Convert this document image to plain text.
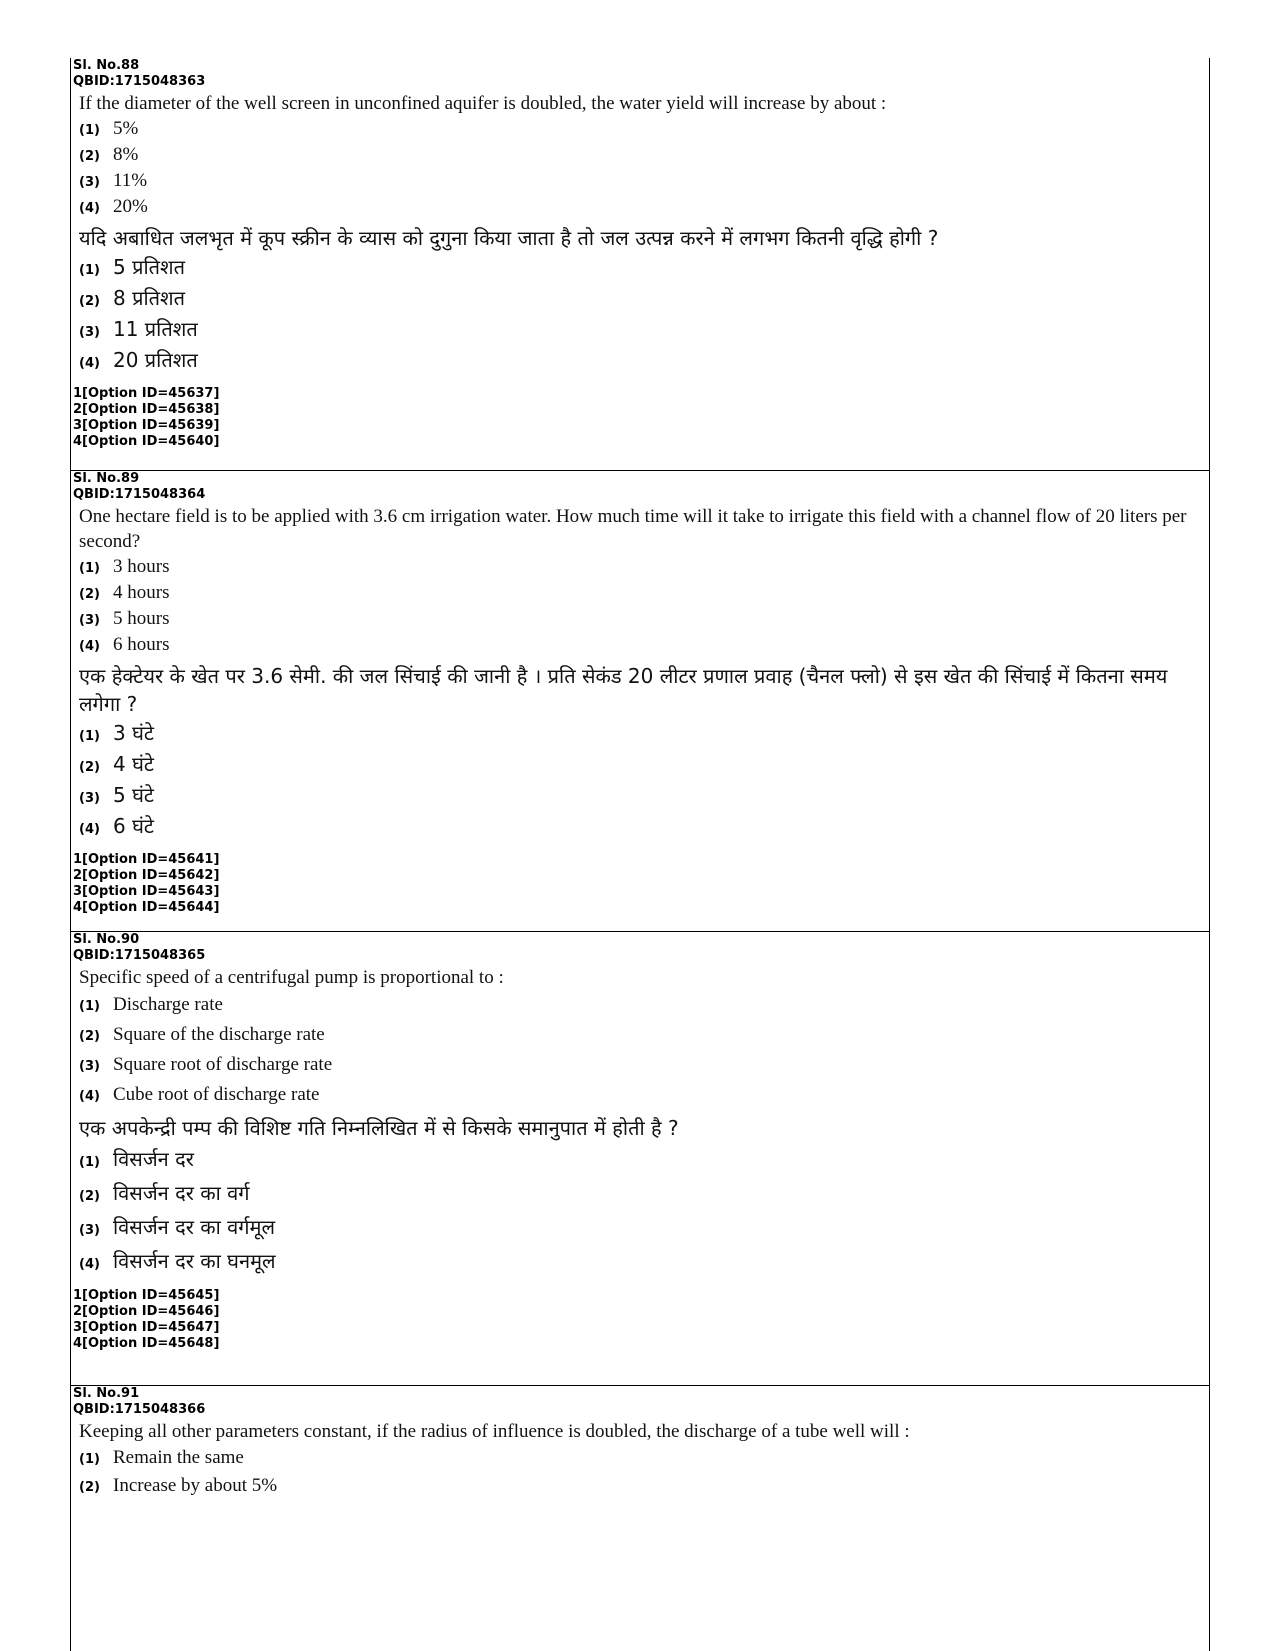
Sl. No.88
QBID:1715048363
If the diameter of the well screen in unconfined aquifer is doubled, the water yield will increase by about :
(1) 5%
(2) 8%
(3) 11%
(4) 20%
यदि अबाधित जलभृत में कूप स्क्रीन के व्यास को दुगुना किया जाता है तो जल उत्पन्न करने में लगभग कितनी वृद्धि होगी ?
(1) 5 प्रतिशत
(2) 8 प्रतिशत
(3) 11 प्रतिशत
(4) 20 प्रतिशत
1[Option ID=45637]
2[Option ID=45638]
3[Option ID=45639]
4[Option ID=45640]
Sl. No.89
QBID:1715048364
One hectare field is to be applied with 3.6 cm irrigation water. How much time will it take to irrigate this field with a channel flow of 20 liters per second?
(1) 3 hours
(2) 4 hours
(3) 5 hours
(4) 6 hours
एक हेक्टेयर के खेत पर 3.6 सेमी. की जल सिंचाई की जानी है । प्रति सेकंड 20 लीटर प्रणाल प्रवाह (चैनल फ्लो) से इस खेत की सिंचाई में कितना समय लगेगा ?
(1) 3 घंटे
(2) 4 घंटे
(3) 5 घंटे
(4) 6 घंटे
1[Option ID=45641]
2[Option ID=45642]
3[Option ID=45643]
4[Option ID=45644]
Sl. No.90
QBID:1715048365
Specific speed of a centrifugal pump is proportional to :
(1) Discharge rate
(2) Square of the discharge rate
(3) Square root of discharge rate
(4) Cube root of discharge rate
एक अपकेन्द्री पम्प की विशिष्ट गति निम्नलिखित में से किसके समानुपात में होती है ?
(1) विसर्जन दर
(2) विसर्जन दर का वर्ग
(3) विसर्जन दर का वर्गमूल
(4) विसर्जन दर का घनमूल
1[Option ID=45645]
2[Option ID=45646]
3[Option ID=45647]
4[Option ID=45648]
Sl. No.91
QBID:1715048366
Keeping all other parameters constant, if the radius of influence is doubled, the discharge of a tube well will :
(1) Remain the same
(2) Increase by about 5%
